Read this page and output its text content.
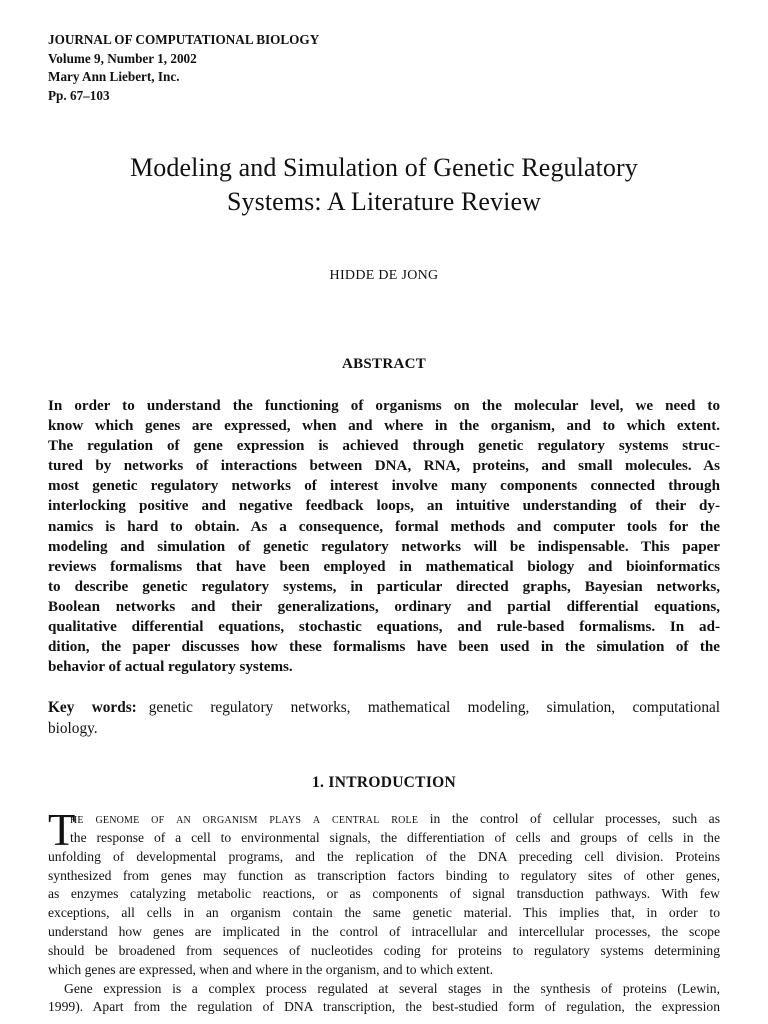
JOURNAL OF COMPUTATIONAL BIOLOGY
Volume 9, Number 1, 2002
Mary Ann Liebert, Inc.
Pp. 67–103
Modeling and Simulation of Genetic Regulatory
Systems: A Literature Review
HIDDE DE JONG
ABSTRACT
In order to understand the functioning of organisms on the molecular level, we need to
know which genes are expressed, when and where in the organism, and to which extent.
The regulation of gene expression is achieved through genetic regulatory systems struc-
tured by networks of interactions between DNA, RNA, proteins, and small molecules. As
most genetic regulatory networks of interest involve many components connected through
interlocking positive and negative feedback loops, an intuitive understanding of their dy-
namics is hard to obtain. As a consequence, formal methods and computer tools for the
modeling and simulation of genetic regulatory networks will be indispensable. This paper
reviews formalisms that have been employed in mathematical biology and bioinformatics
to describe genetic regulatory systems, in particular directed graphs, Bayesian networks,
Boolean networks and their generalizations, ordinary and partial differential equations,
qualitative differential equations, stochastic equations, and rule-based formalisms. In ad-
dition, the paper discusses how these formalisms have been used in the simulation of the
behavior of actual regulatory systems.
Key words: genetic regulatory networks, mathematical modeling, simulation, computational
biology.
1. INTRODUCTION
T
he genome of an organism plays a central role in the control of cellular processes, such as
the response of a cell to environmental signals, the differentiation of cells and groups of cells in the
unfolding of developmental programs, and the replication of the DNA preceding cell division. Proteins
synthesized from genes may function as transcription factors binding to regulatory sites of other genes,
as enzymes catalyzing metabolic reactions, or as components of signal transduction pathways. With few
exceptions, all cells in an organism contain the same genetic material. This implies that, in order to
understand how genes are implicated in the control of intracellular and intercellular processes, the scope
should be broadened from sequences of nucleotides coding for proteins to regulatory systems determining
which genes are expressed, when and where in the organism, and to which extent.
Gene expression is a complex process regulated at several stages in the synthesis of proteins (Lewin,
1999). Apart from the regulation of DNA transcription, the best-studied form of regulation, the expression
